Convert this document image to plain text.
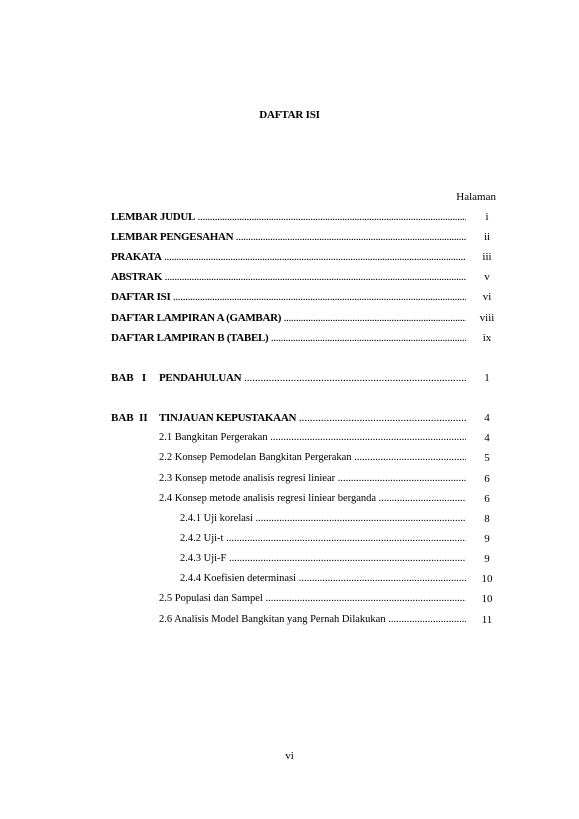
DAFTAR ISI
Halaman
LEMBAR JUDUL .....	i
LEMBAR PENGESAHAN .....	ii
PRAKATA .....	iii
ABSTRAK .....	v
DAFTAR ISI .....	vi
DAFTAR LAMPIRAN A (GAMBAR) .....	viii
DAFTAR LAMPIRAN B (TABEL) .....	ix
BAB   I PENDAHULUAN .....	1
BAB  II TINJAUAN KEPUSTAKAAN .....	4
2.1 Bangkitan Pergerakan .....	4
2.2 Konsep Pemodelan Bangkitan Pergerakan .....	5
2.3 Konsep metode analisis regresi liniear .....	6
2.4 Konsep metode analisis regresi liniear berganda .....	6
2.4.1 Uji korelasi .....	8
2.4.2 Uji-t .....	9
2.4.3 Uji-F .....	9
2.4.4 Koefisien determinasi .....	10
2.5 Populasi dan Sampel .....	10
2.6 Analisis Model Bangkitan yang Pernah Dilakukan .....	11
vi
